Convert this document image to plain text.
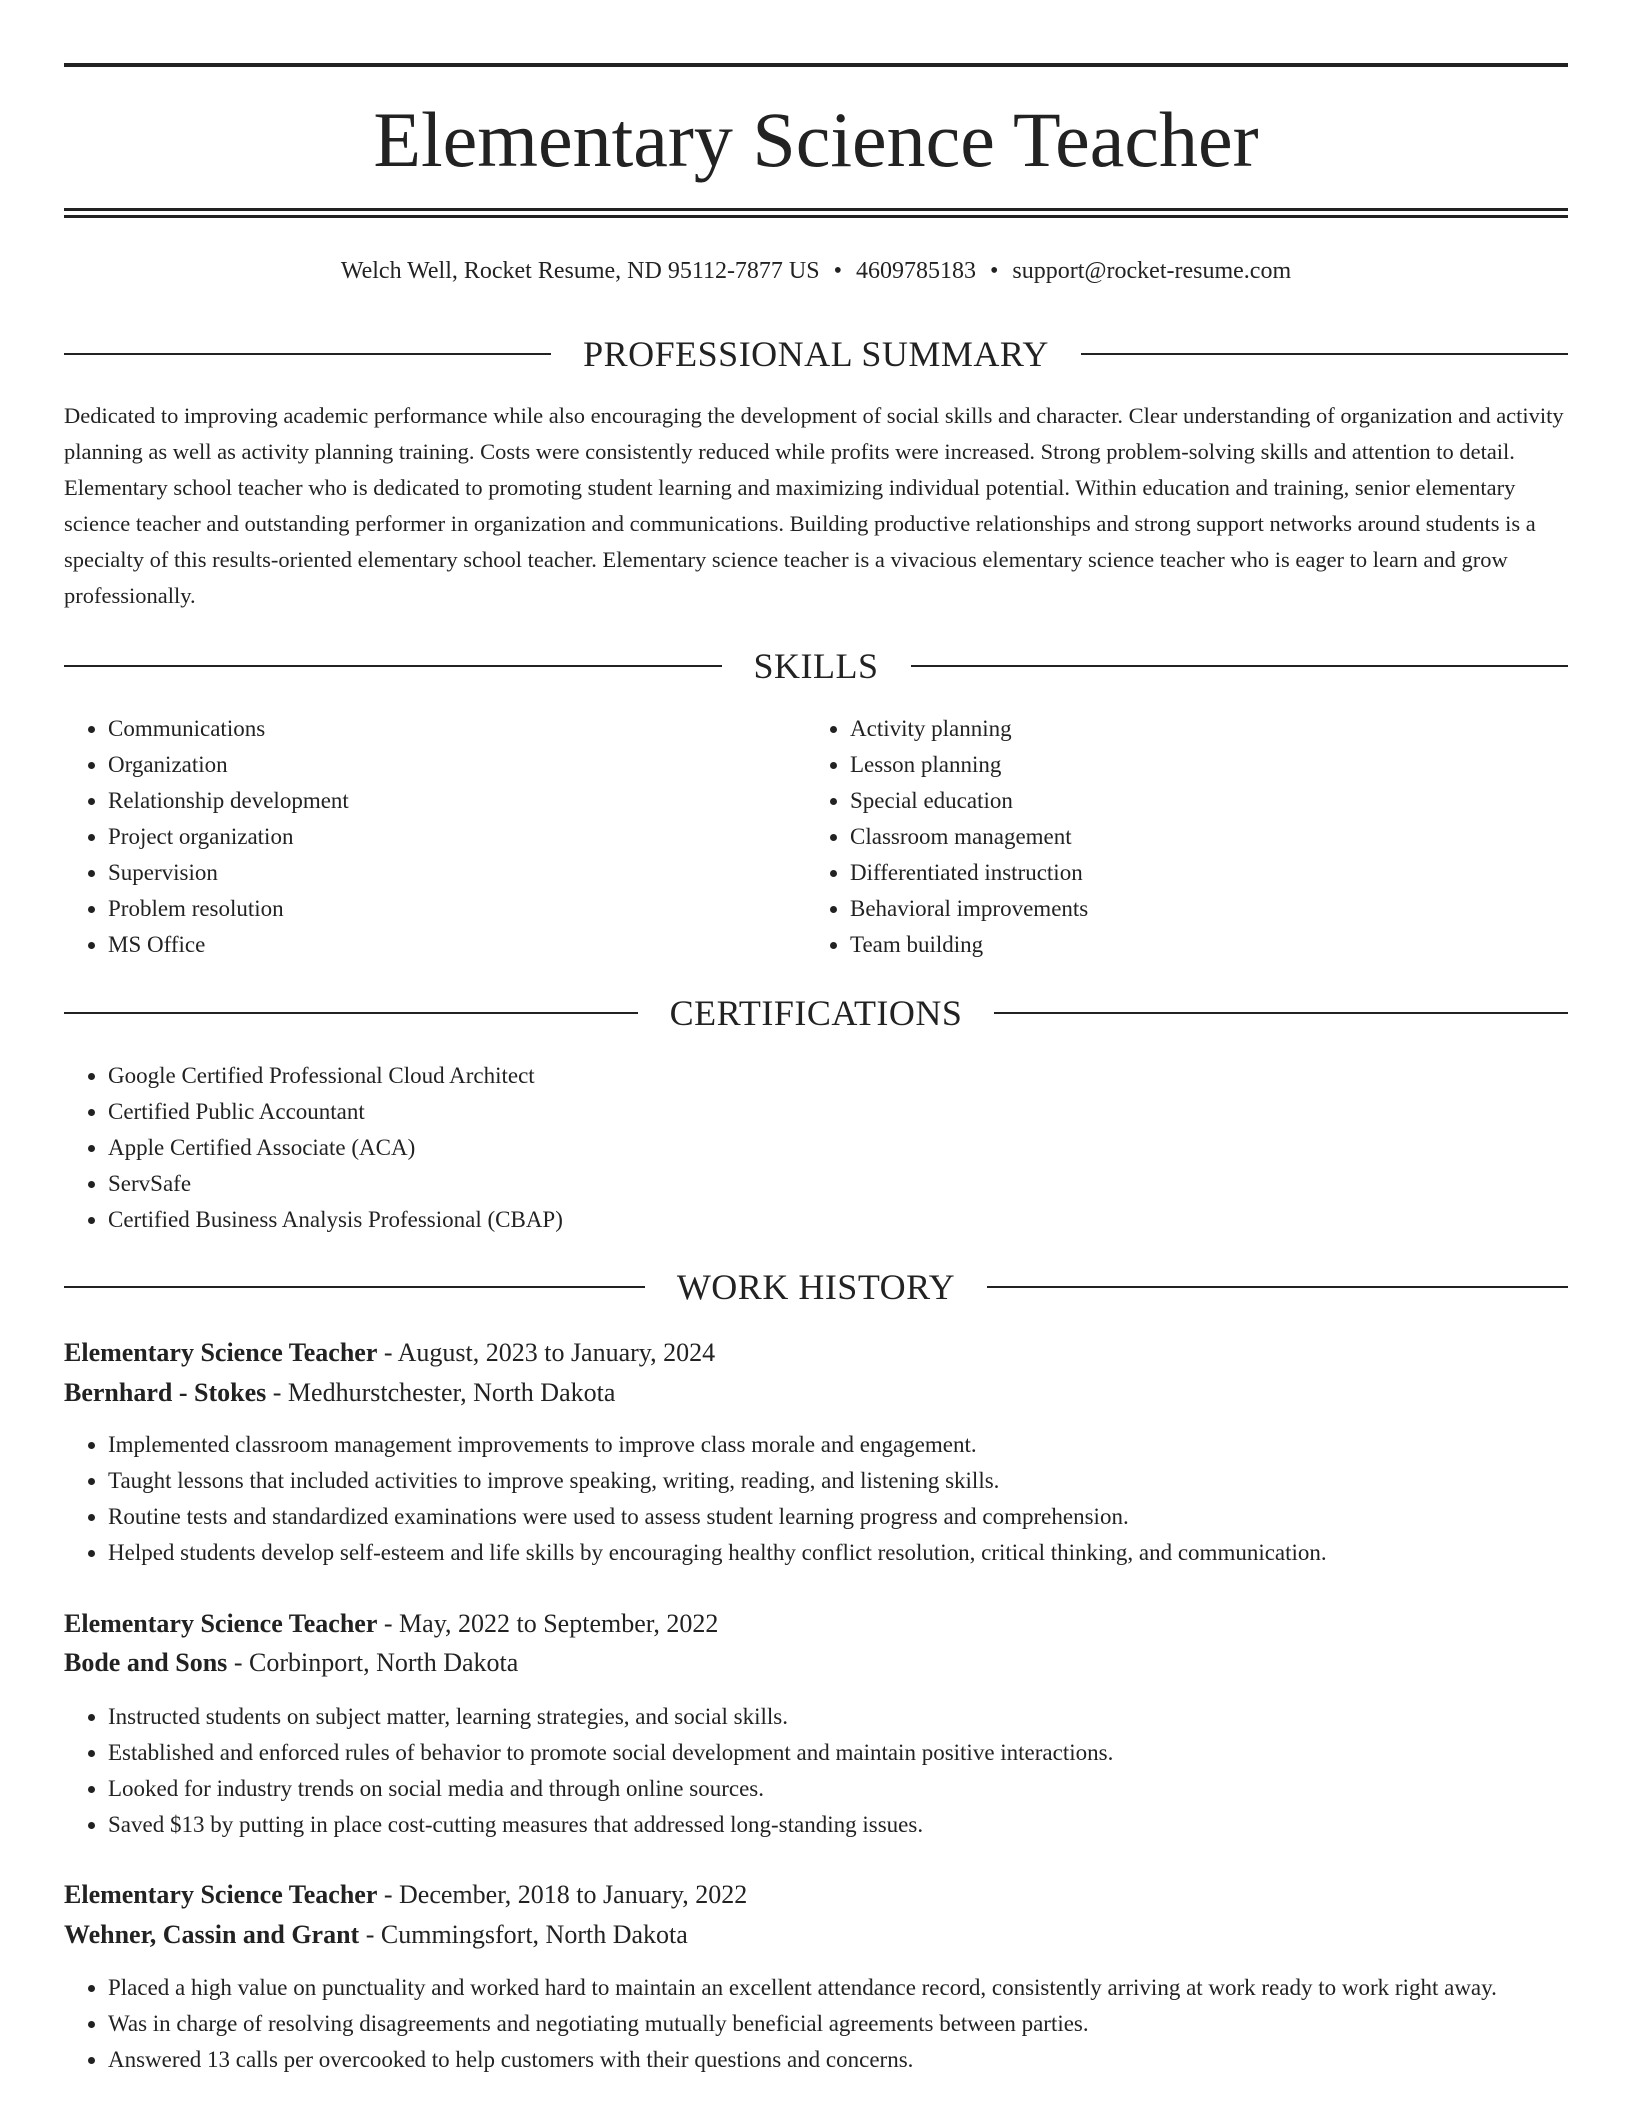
Elementary Science Teacher
Welch Well, Rocket Resume, ND 95112-7877 US • 4609785183 • support@rocket-resume.com
PROFESSIONAL SUMMARY

Dedicated to improving academic performance while also encouraging the development of social skills and character. Clear understanding of organization and activity planning as well as activity planning training. Costs were consistently reduced while profits were increased. Strong problem-solving skills and attention to detail. Elementary school teacher who is dedicated to promoting student learning and maximizing individual potential. Within education and training, senior elementary science teacher and outstanding performer in organization and communications. Building productive relationships and strong support networks around students is a specialty of this results-oriented elementary school teacher. Elementary science teacher is a vivacious elementary science teacher who is eager to learn and grow professionally.

SKILLS
• Communications
• Organization
• Relationship development
• Project organization
• Supervision
• Problem resolution
• MS Office
• Activity planning
• Lesson planning
• Special education
• Classroom management
• Differentiated instruction
• Behavioral improvements
• Team building
CERTIFICATIONS
• Google Certified Professional Cloud Architect
• Certified Public Accountant
• Apple Certified Associate (ACA)
• ServSafe
• Certified Business Analysis Professional (CBAP)
WORK HISTORY
Elementary Science Teacher - August, 2023 to January, 2024
Bernhard - Stokes - Medhurstchester, North Dakota
• Implemented classroom management improvements to improve class morale and engagement.
• Taught lessons that included activities to improve speaking, writing, reading, and listening skills.
• Routine tests and standardized examinations were used to assess student learning progress and comprehension.
• Helped students develop self-esteem and life skills by encouraging healthy conflict resolution, critical thinking, and communication.
Elementary Science Teacher - May, 2022 to September, 2022
Bode and Sons - Corbinport, North Dakota
• Instructed students on subject matter, learning strategies, and social skills.
• Established and enforced rules of behavior to promote social development and maintain positive interactions.
• Looked for industry trends on social media and through online sources.
• Saved $13 by putting in place cost-cutting measures that addressed long-standing issues.
Elementary Science Teacher - December, 2018 to January, 2022
Wehner, Cassin and Grant - Cummingsfort, North Dakota
• Placed a high value on punctuality and worked hard to maintain an excellent attendance record, consistently arriving at work ready to work right away.
• Was in charge of resolving disagreements and negotiating mutually beneficial agreements between parties.
• Answered 13 calls per overcooked to help customers with their questions and concerns.
